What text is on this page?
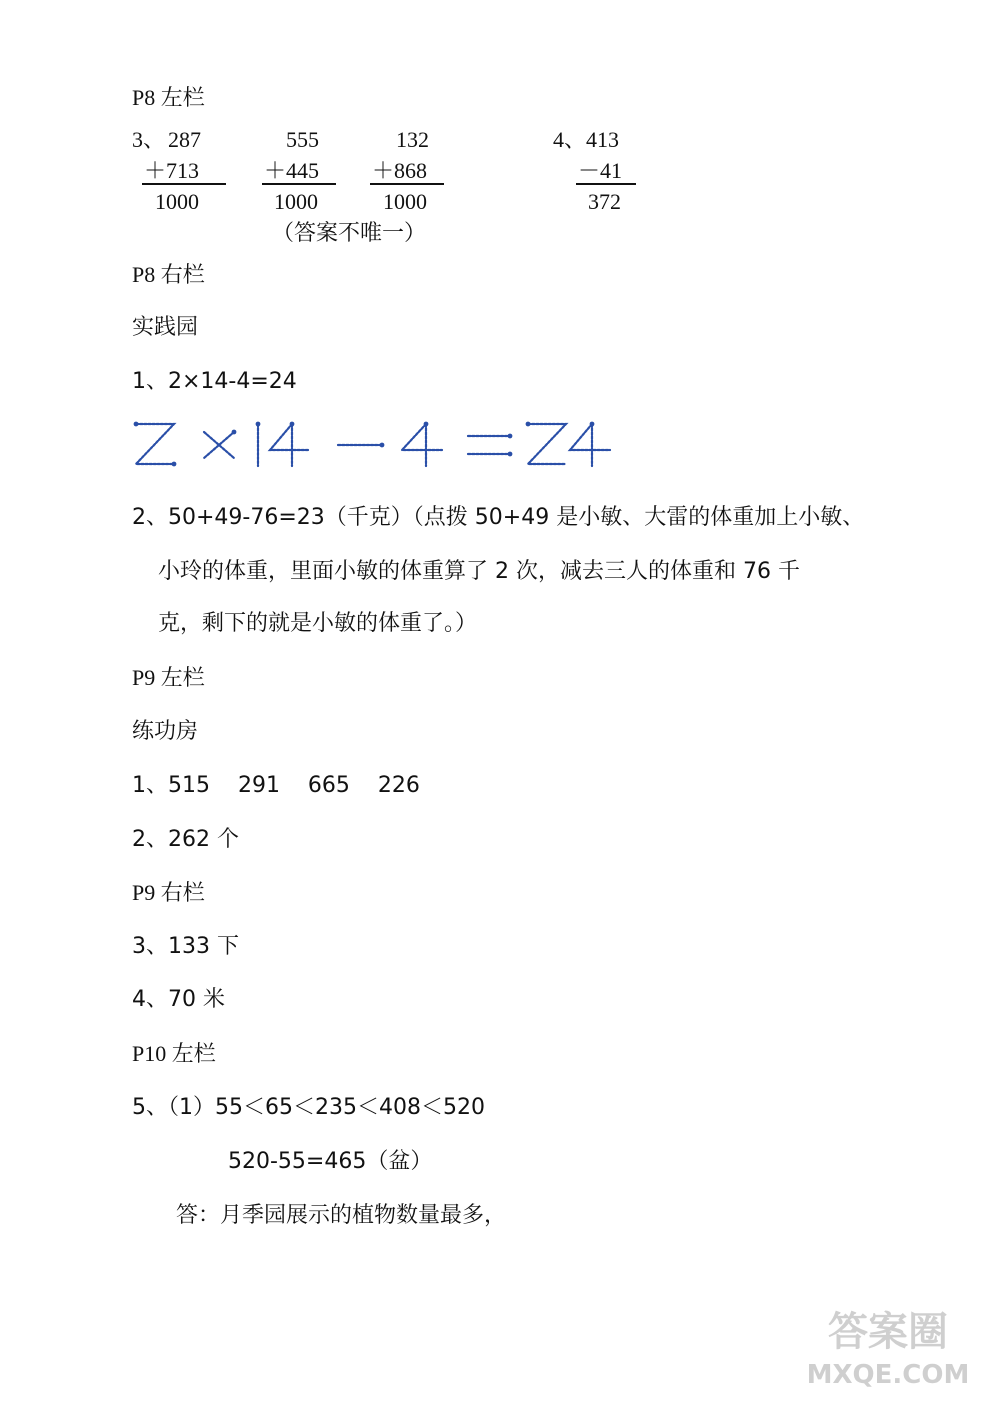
P8 左栏
3、 287
＋713
1000
555
＋445
1000
132
＋868
1000
（答案不唯一）
4、 413
－41
372
P8 右栏
实践园
1、2×14-4=24
2、50+49-76=23（千克）（点拨 50+49 是小敏、大雷的体重加上小敏、
小玲的体重，里面小敏的体重算了 2 次，减去三人的体重和 76 千
克，剩下的就是小敏的体重了。）
P9 左栏
练功房
1、515    291    665    226
2、262 个
P9 右栏
3、133 下
4、70 米
P10 左栏
5、（1）55＜65＜235＜408＜520
520-55=465（盆）
答：月季园展示的植物数量最多，
答案圈
MXQE.COM
